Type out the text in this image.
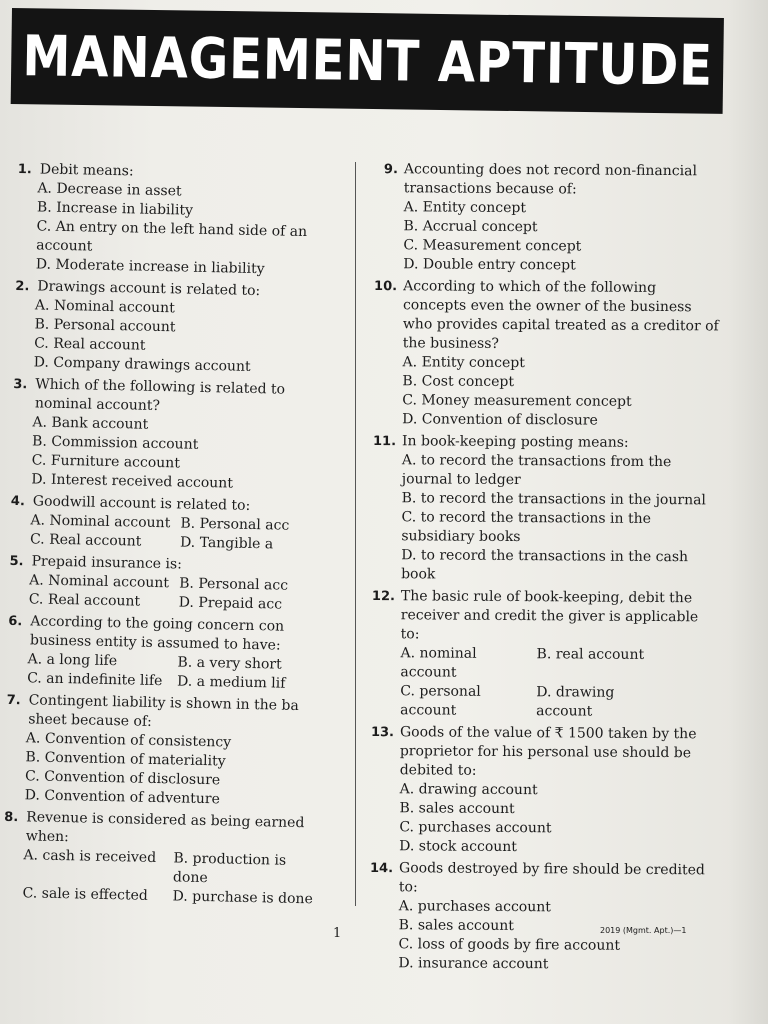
MANAGEMENT APTITUDE
1. Debit means:
A. Decrease in asset
B. Increase in liability
C. An entry on the left hand side of an account
D. Moderate increase in liability
2. Drawings account is related to:
A. Nominal account
B. Personal account
C. Real account
D. Company drawings account
3. Which of the following is related to nominal account?
A. Bank account
B. Commission account
C. Furniture account
D. Interest received account
4. Goodwill account is related to:
A. Nominal account B. Personal acc
C. Real account	D. Tangible a
5. Prepaid insurance is:
A. Nominal account B. Personal acc
C. Real account	D. Prepaid acc
6. According to the going concern con business entity is assumed to have:
A. a long life	B. a very short
C. an indefinite life	D. a medium lif
7. Contingent liability is shown in the ba sheet because of:
A. Convention of consistency
B. Convention of materiality
C. Convention of disclosure
D. Convention of adventure
8. Revenue is considered as being earned when:
A. cash is received	B. production is done
C. sale is effected	D. purchase is done
9. Accounting does not record non-financial transactions because of:
A. Entity concept
B. Accrual concept
C. Measurement concept
D. Double entry concept
10. According to which of the following concepts even the owner of the business who provides capital treated as a creditor of the business?
A. Entity concept
B. Cost concept
C. Money measurement concept
D. Convention of disclosure
11. In book-keeping posting means:
A. to record the transactions from the journal to ledger
B. to record the transactions in the journal
C. to record the transactions in the subsidiary books
D. to record the transactions in the cash book
12. The basic rule of book-keeping, debit the receiver and credit the giver is applicable to:
A. nominal account
B. real account
C. personal account
D. drawing account
13. Goods of the value of ₹ 1500 taken by the proprietor for his personal use should be debited to:
A. drawing account
B. sales account
C. purchases account
D. stock account
14. Goods destroyed by fire should be credited to:
A. purchases account
B. sales account
C. loss of goods by fire account
D. insurance account
1	2019 (Mgmt. Apt.)—1
